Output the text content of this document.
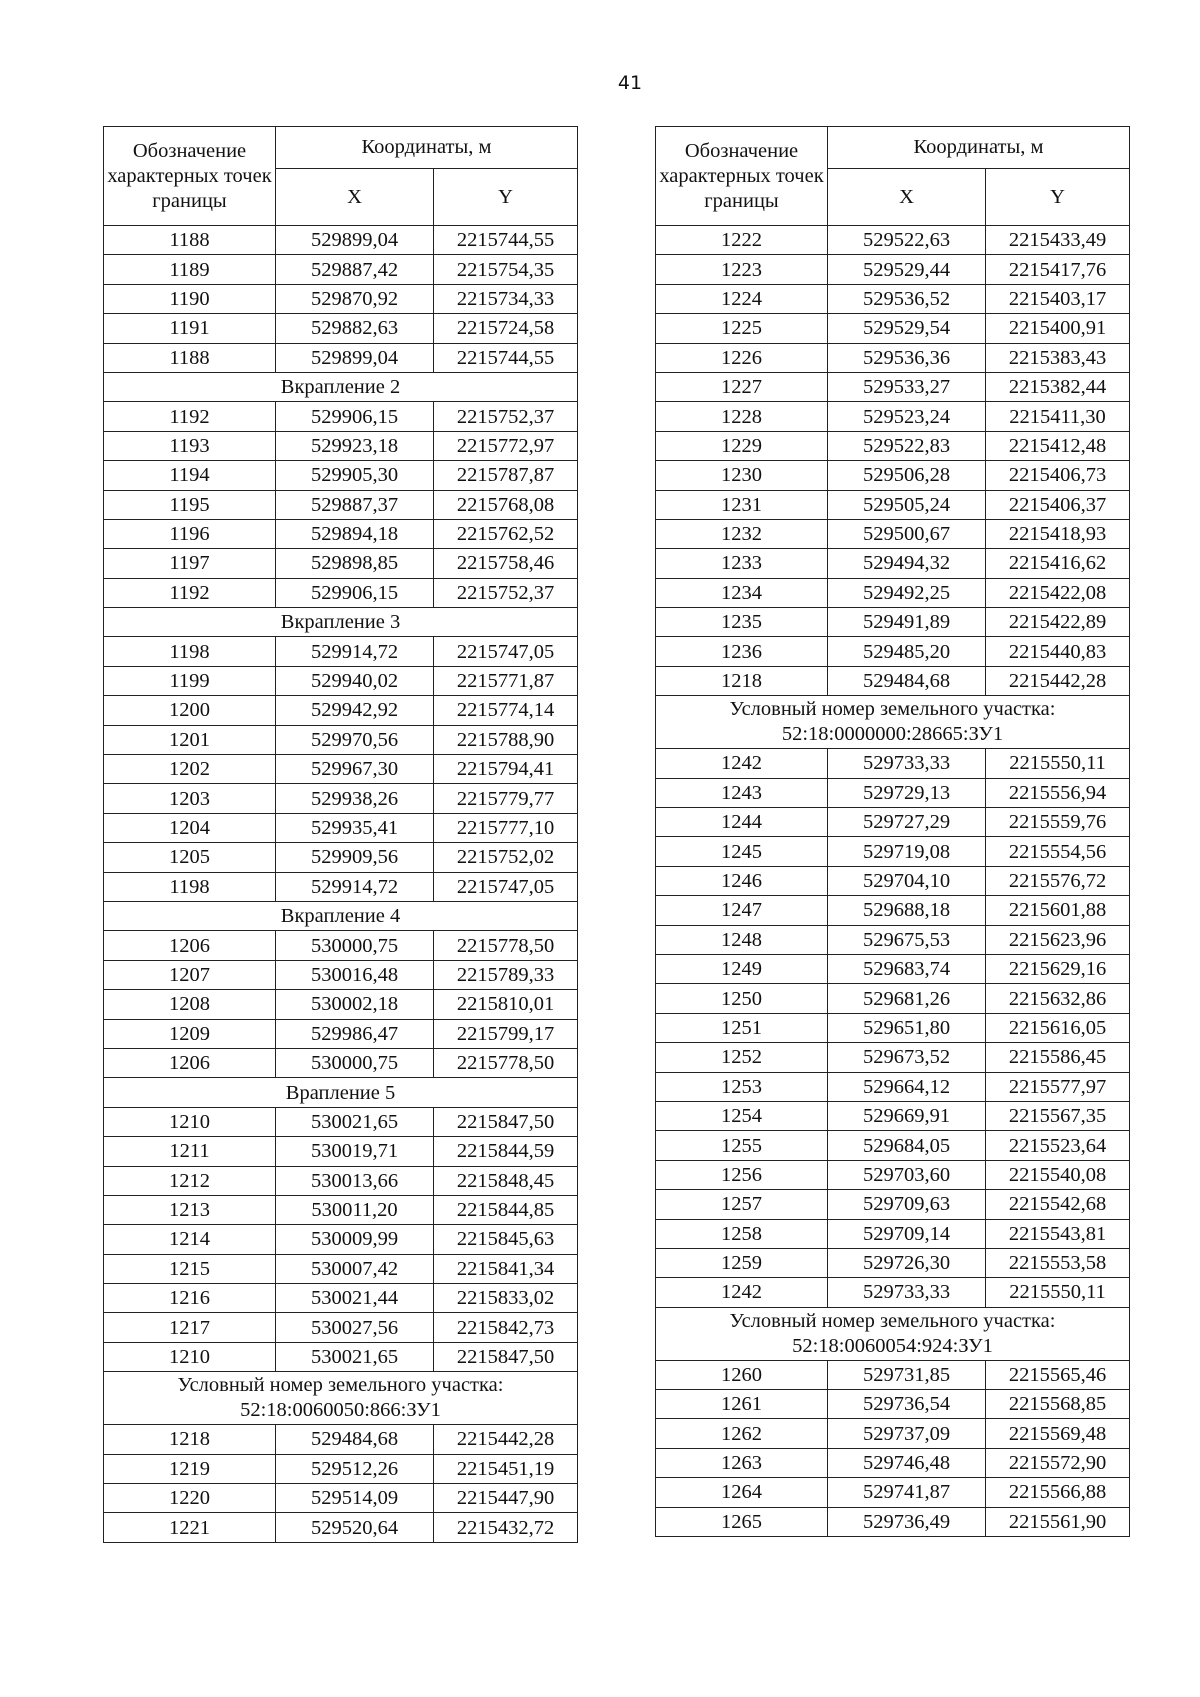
41
Обозначение характерных точек границы	Координаты, м	
	X	Y
1188	529899,04	2215744,55
1189	529887,42	2215754,35
1190	529870,92	2215734,33
1191	529882,63	2215724,58
1188	529899,04	2215744,55

Вкрапление 2		

1192	529906,15	2215752,37
1193	529923,18	2215772,97
1194	529905,30	2215787,87
1195	529887,37	2215768,08
1196	529894,18	2215762,52
1197	529898,85	2215758,46
1192	529906,15	2215752,37

Вкрапление 3		

1198	529914,72	2215747,05
1199	529940,02	2215771,87
1200	529942,92	2215774,14
1201	529970,56	2215788,90
1202	529967,30	2215794,41
1203	529938,26	2215779,77
1204	529935,41	2215777,10
1205	529909,56	2215752,02
1198	529914,72	2215747,05

Вкрапление 4		

1206	530000,75	2215778,50
1207	530016,48	2215789,33
1208	530002,18	2215810,01
1209	529986,47	2215799,17
1206	530000,75	2215778,50

Врапление 5		

1210	530021,65	2215847,50
1211	530019,71	2215844,59
1212	530013,66	2215848,45
1213	530011,20	2215844,85
1214	530009,99	2215845,63
1215	530007,42	2215841,34
1216	530021,44	2215833,02
1217	530027,56	2215842,73
1210	530021,65	2215847,50

Условный номер земельного участка:
52:18:0060050:866:ЗУ1		

1218	529484,68	2215442,28
1219	529512,26	2215451,19
1220	529514,09	2215447,90
1221	529520,64	2215432,72
Обозначение характерных точек границы	Координаты, м	
	X	Y
1222	529522,63	2215433,49
1223	529529,44	2215417,76
1224	529536,52	2215403,17
1225	529529,54	2215400,91
1226	529536,36	2215383,43
1227	529533,27	2215382,44
1228	529523,24	2215411,30
1229	529522,83	2215412,48
1230	529506,28	2215406,73
1231	529505,24	2215406,37
1232	529500,67	2215418,93
1233	529494,32	2215416,62
1234	529492,25	2215422,08
1235	529491,89	2215422,89
1236	529485,20	2215440,83
1218	529484,68	2215442,28

Условный номер земельного участка:
52:18:0000000:28665:ЗУ1		

1242	529733,33	2215550,11
1243	529729,13	2215556,94
1244	529727,29	2215559,76
1245	529719,08	2215554,56
1246	529704,10	2215576,72
1247	529688,18	2215601,88
1248	529675,53	2215623,96
1249	529683,74	2215629,16
1250	529681,26	2215632,86
1251	529651,80	2215616,05
1252	529673,52	2215586,45
1253	529664,12	2215577,97
1254	529669,91	2215567,35
1255	529684,05	2215523,64
1256	529703,60	2215540,08
1257	529709,63	2215542,68
1258	529709,14	2215543,81
1259	529726,30	2215553,58
1242	529733,33	2215550,11

Условный номер земельного участка:
52:18:0060054:924:ЗУ1		

1260	529731,85	2215565,46
1261	529736,54	2215568,85
1262	529737,09	2215569,48
1263	529746,48	2215572,90
1264	529741,87	2215566,88
1265	529736,49	2215561,90
